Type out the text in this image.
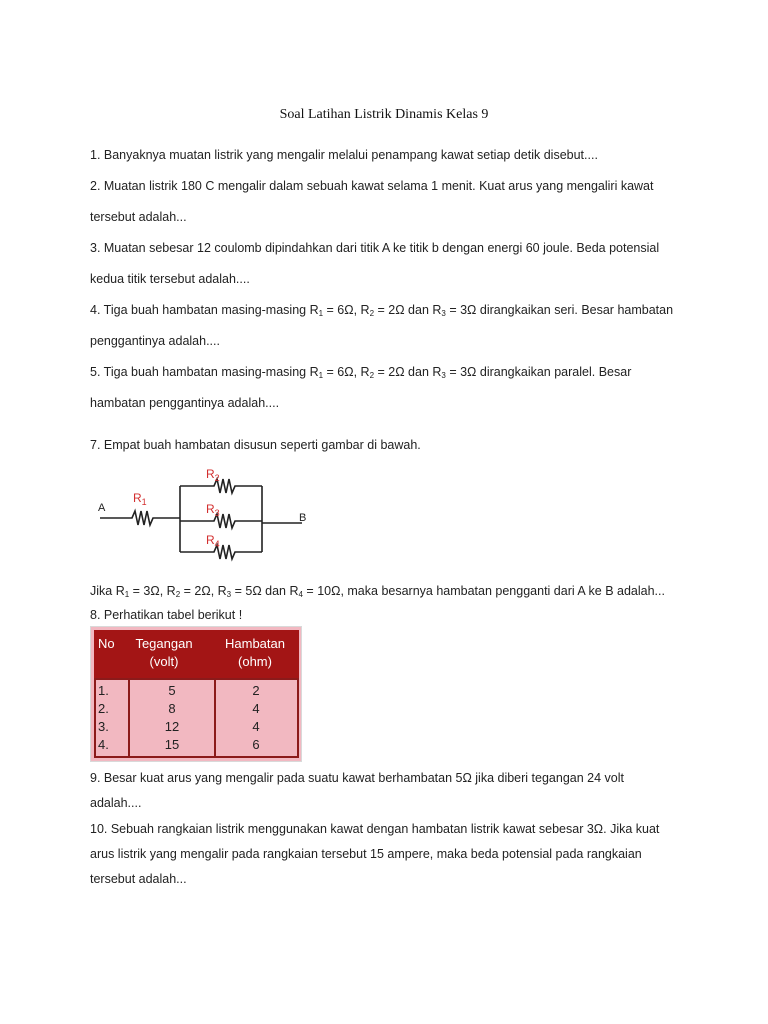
Soal Latihan Listrik Dinamis Kelas 9
1. Banyaknya muatan listrik yang mengalir melalui penampang kawat setiap detik disebut....
2. Muatan listrik 180 C mengalir dalam sebuah kawat selama 1 menit. Kuat arus yang mengaliri kawat
tersebut adalah...
3. Muatan sebesar 12 coulomb dipindahkan dari titik A ke titik b dengan energi 60 joule. Beda potensial
kedua titik tersebut adalah....
4. Tiga buah hambatan masing-masing $R_1 = 6\Omega$, $R_2 = 2\Omega$ dan $R_3 = 3\Omega$ dirangkaikan seri. Besar hambatan
penggantinya adalah....
5. Tiga buah hambatan masing-masing $R_1 = 6\Omega$, $R_2 = 2\Omega$ dan $R_3 = 3\Omega$ dirangkaikan paralel. Besar
hambatan penggantinya adalah....
7. Empat buah hambatan disusun seperti gambar di bawah.
A
B
$R_1$
$R_2$
$R_3$
$R_4$
Jika $R_1 = 3\Omega$, $R_2 = 2\Omega$, $R_3 = 5\Omega$ dan $R_4 = 10\Omega$, maka besarnya hambatan pengganti dari A ke B adalah...
8. Perhatikan tabel berikut !
No	Tegangan
(volt)
Hambatan
(ohm)
1.
2.
3.
4.
5
8
12
15
2
4
4
6
9. Besar kuat arus yang mengalir pada suatu kawat berhambatan 5Ω jika diberi tegangan 24 volt
adalah....
10. Sebuah rangkaian listrik menggunakan kawat dengan hambatan listrik kawat sebesar 3Ω. Jika kuat
arus listrik yang mengalir pada rangkaian tersebut 15 ampere, maka beda potensial pada rangkaian
tersebut adalah...
